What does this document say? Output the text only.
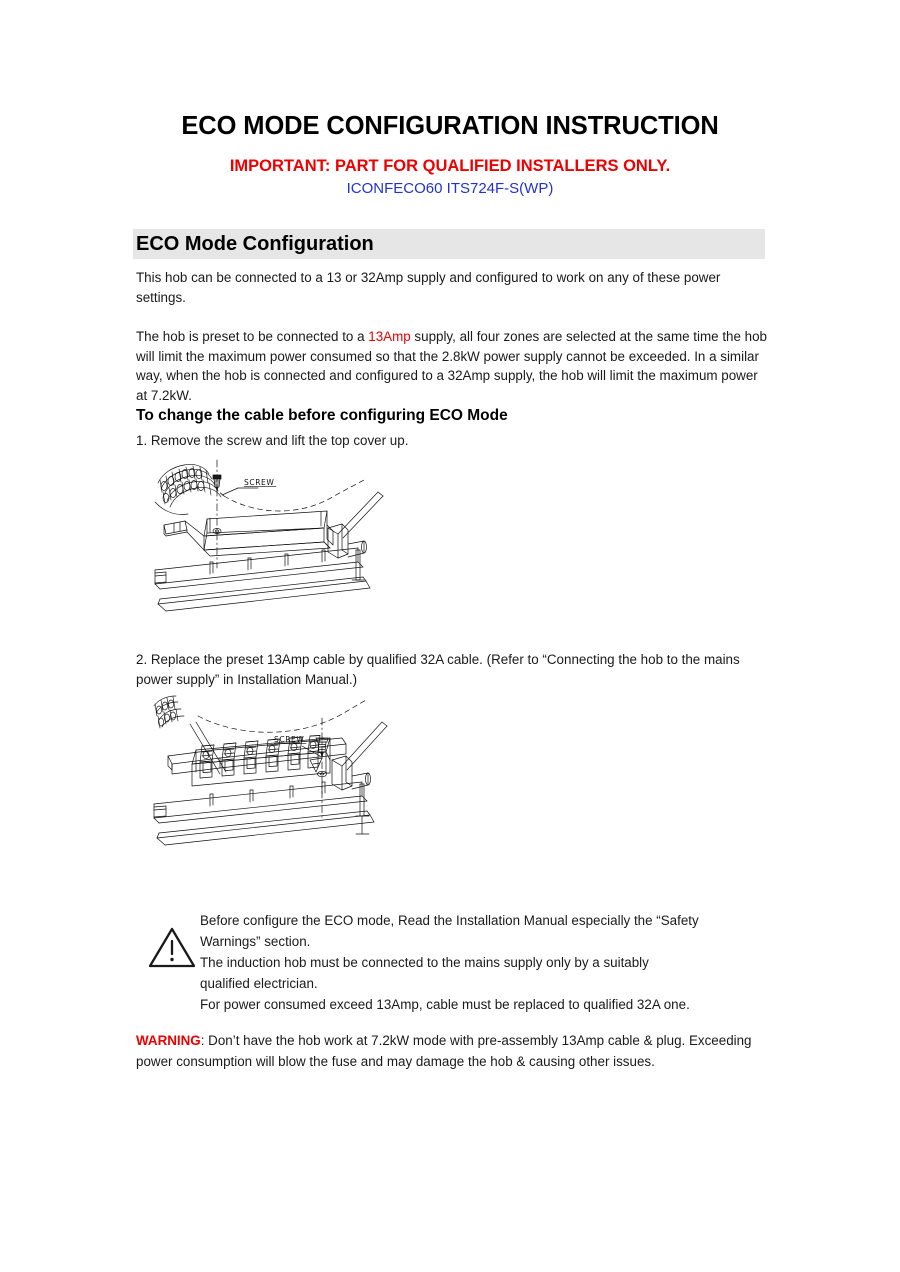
ECO MODE CONFIGURATION INSTRUCTION
IMPORTANT: PART FOR QUALIFIED INSTALLERS ONLY.
ICONFECO60 ITS724F-S(WP)
ECO Mode Configuration
This hob can be connected to a 13 or 32Amp supply and configured to work on any of these power settings.
The hob is preset to be connected to a 13Amp supply, all four zones are selected at the same time the hob will limit the maximum power consumed so that the 2.8kW power supply cannot be exceeded. In a similar way, when the hob is connected and configured to a 32Amp supply, the hob will limit the maximum power at 7.2kW.
To change the cable before configuring ECO Mode
1. Remove the screw and lift the top cover up.
SCREW
2. Replace the preset 13Amp cable by qualified 32A cable. (Refer to “Connecting the hob to the mains power supply” in Installation Manual.)
SCREW
Before configure the ECO mode, Read the Installation Manual especially the “Safety
Warnings” section.
The induction hob must be connected to the mains supply only by a suitably
qualified electrician.
For power consumed exceed 13Amp, cable must be replaced to qualified 32A one.
WARNING: Don’t have the hob work at 7.2kW mode with pre-assembly 13Amp cable & plug. Exceeding power consumption will blow the fuse and may damage the hob & causing other issues.
